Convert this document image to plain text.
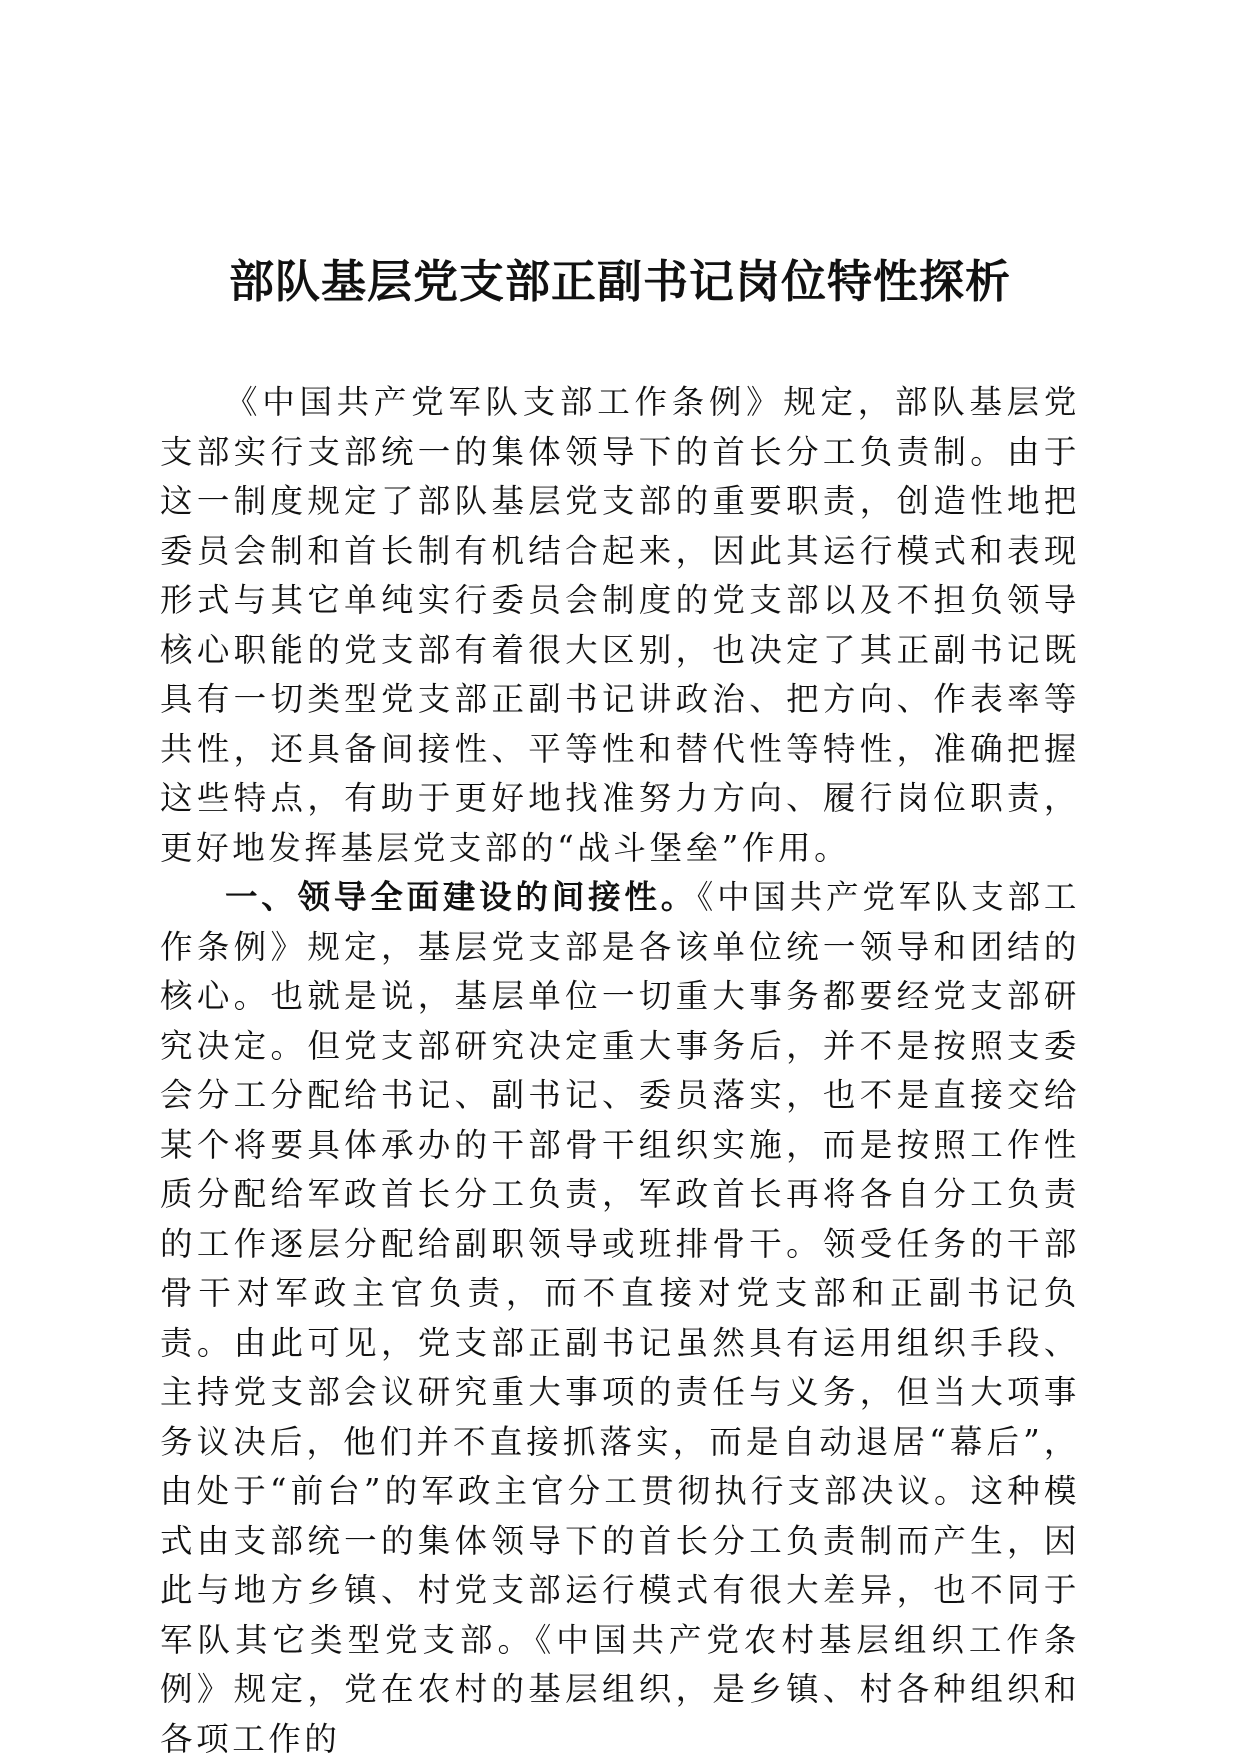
部队基层党支部正副书记岗位特性探析

《中国共产党军队支部工作条例》规定，部队基层党支部实行支部统一的集体领导下的首长分工负责制。由于这一制度规定了部队基层党支部的重要职责，创造性地把委员会制和首长制有机结合起来，因此其运行模式和表现形式与其它单纯实行委员会制度的党支部以及不担负领导核心职能的党支部有着很大区别，也决定了其正副书记既具有一切类型党支部正副书记讲政治、把方向、作表率等共性，还具备间接性、平等性和替代性等特性，准确把握这些特点，有助于更好地找准努力方向、履行岗位职责，更好地发挥基层党支部的“战斗堡垒”作用。

一、领导全面建设的间接性。《中国共产党军队支部工作条例》规定，基层党支部是各该单位统一领导和团结的核心。也就是说，基层单位一切重大事务都要经党支部研究决定。但党支部研究决定重大事务后，并不是按照支委会分工分配给书记、副书记、委员落实，也不是直接交给某个将要具体承办的干部骨干组织实施，而是按照工作性质分配给军政首长分工负责，军政首长再将各自分工负责的工作逐层分配给副职领导或班排骨干。领受任务的干部骨干对军政主官负责，而不直接对党支部和正副书记负责。由此可见，党支部正副书记虽然具有运用组织手段、主持党支部会议研究重大事项的责任与义务，但当大项事务议决后，他们并不直接抓落实，而是自动退居“幕后”，由处于“前台”的军政主官分工贯彻执行支部决议。这种模式由支部统一的集体领导下的首长分工负责制而产生，因此与地方乡镇、村党支部运行模式有很大差异，也不同于军队其它类型党支部。《中国共产党农村基层组织工作条例》规定，党在农村的基层组织，是乡镇、村各种组织和各项工作的
